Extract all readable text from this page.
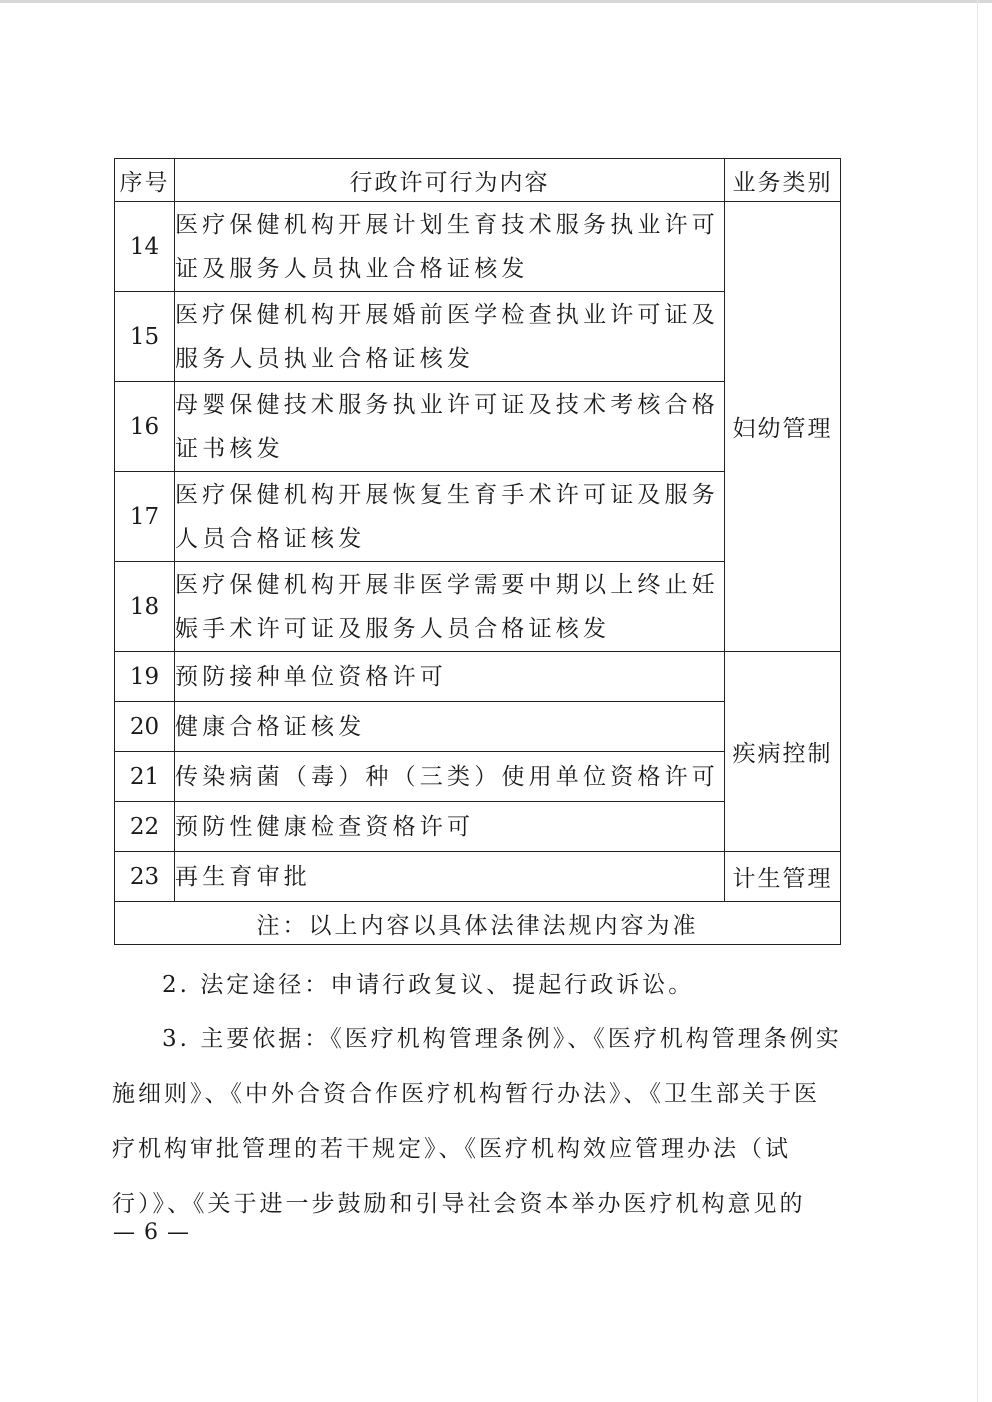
序号	行政许可行为内容	业务类别
14	医疗保健机构开展计划生育技术服务执业许可证及服务人员执业合格证核发	妇幼管理
15	医疗保健机构开展婚前医学检查执业许可证及服务人员执业合格证核发	
16	母婴保健技术服务执业许可证及技术考核合格证书核发	
17	医疗保健机构开展恢复生育手术许可证及服务人员合格证核发	
18	医疗保健机构开展非医学需要中期以上终止妊娠手术许可证及服务人员合格证核发	
19	预防接种单位资格许可	疾病控制
20	健康合格证核发	
21	传染病菌（毒）种（三类）使用单位资格许可	
22	预防性健康检查资格许可	
23	再生育审批	计生管理
注：以上内容以具体法律法规内容为准		

2. 法定途径：申请行政复议、提起行政诉讼。

3. 主要依据：《医疗机构管理条例》、《医疗机构管理条例实施细则》、《中外合资合作医疗机构暂行办法》、《卫生部关于医疗机构审批管理的若干规定》、《医疗机构效应管理办法（试行）》、《关于进一步鼓励和引导社会资本举办医疗机构意见的

— 6 —
